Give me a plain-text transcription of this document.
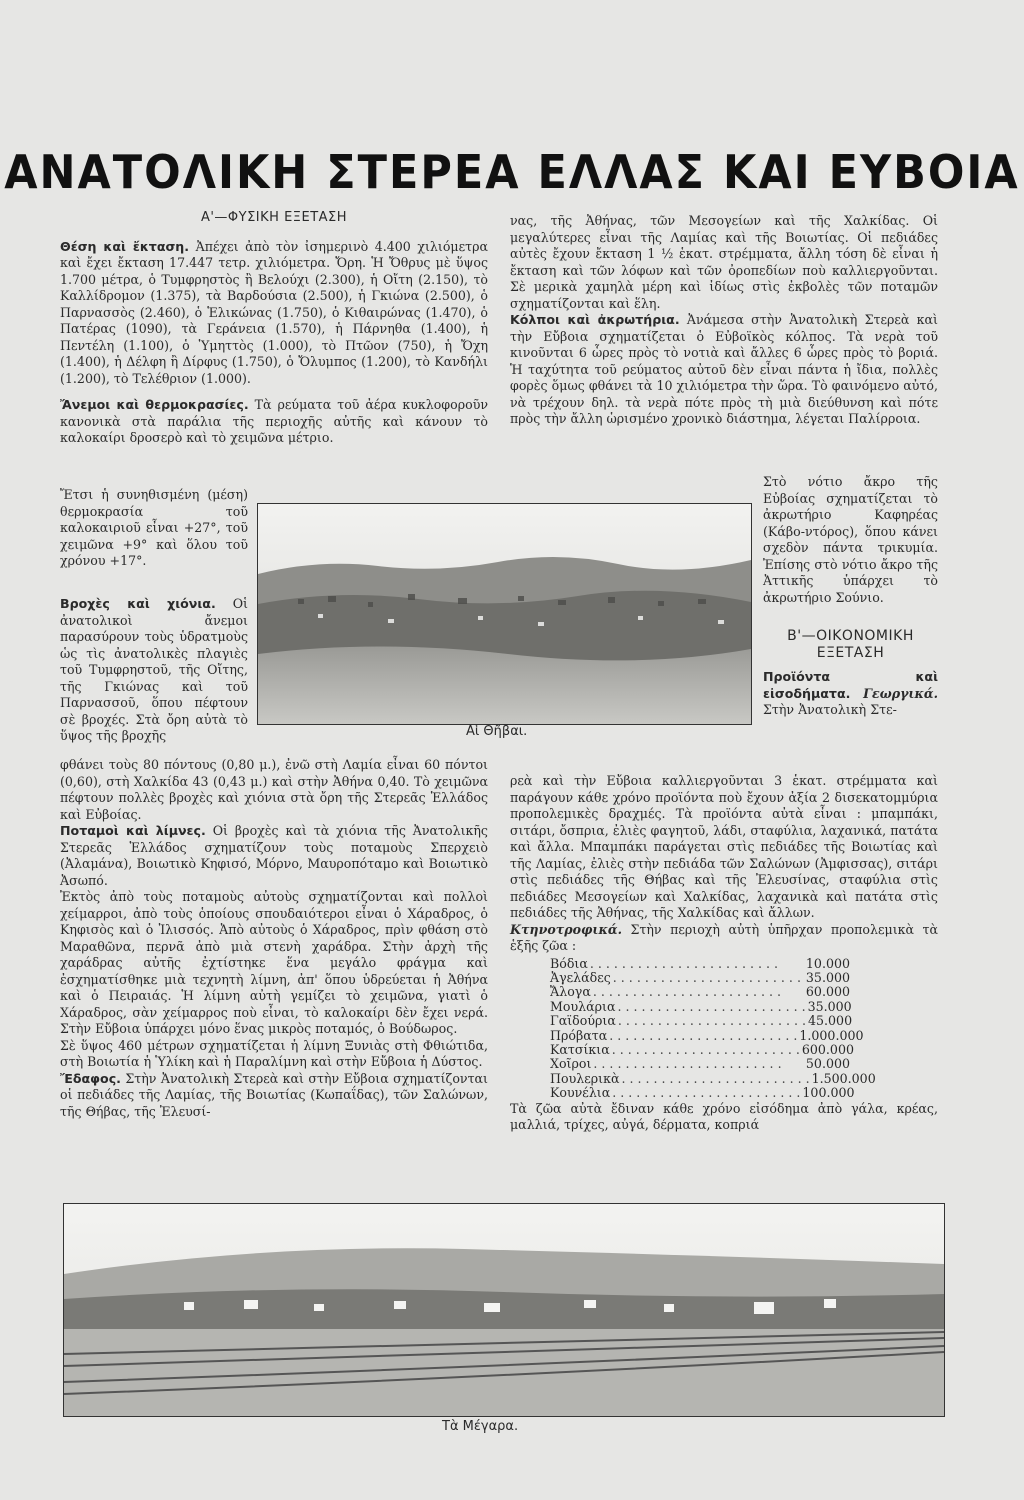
ΑΝΑΤΟΛΙΚΗ ΣΤΕΡΕΑ ΕΛΛΑΣ ΚΑΙ ΕΥΒΟΙΑ
Α'—ΦΥΣΙΚΗ ΕΞΕΤΑΣΗ

Θέση καὶ ἔκταση. Ἀπέχει ἀπὸ τὸν ἰσημερινὸ 4.400 χιλιόμετρα καὶ ἔχει ἔκταση 17.447 τετρ. χιλιόμετρα. Ὄρη. Ἡ Ὄθρυς μὲ ὕψος 1.700 μέτρα, ὁ Τυμφρηστὸς ἢ Βελούχι (2.300), ἡ Οἴτη (2.150), τὸ Καλλίδρομον (1.375), τὰ Βαρδούσια (2.500), ἡ Γκιώνα (2.500), ὁ Παρνασσὸς (2.460), ὁ Ἑλικώνας (1.750), ὁ Κιθαιρώνας (1.470), ὁ Πατέρας (1090), τὰ Γεράνεια (1.570), ἡ Πάρνηθα (1.400), ἡ Πεντέλη (1.100), ὁ Ὑμηττὸς (1.000), τὸ Πτῶον (750), ἡ Ὄχη (1.400), ἡ Δέλφη ἢ Δίρφυς (1.750), ὁ Ὄλυμπος (1.200), τὸ Κανδήλι (1.200), τὸ Τελέθριον (1.000).

Ἄνεμοι καὶ θερμοκρασίες. Τὰ ρεύματα τοῦ ἀέρα κυκλοφοροῦν κανονικὰ στὰ παράλια τῆς περιοχῆς αὐτῆς καὶ κάνουν τὸ καλοκαίρι δροσερὸ καὶ τὸ χειμῶνα μέτριο.

Ἔτσι ἡ συνηθισμένη (μέση) θερμοκρασία τοῦ καλοκαιριοῦ εἶναι +27°, τοῦ χειμῶνα +9° καὶ ὅλου τοῦ χρόνου +17°.

Βροχὲς καὶ χιόνια. Οἱ ἀνατολικοὶ ἄνεμοι παρασύρουν τοὺς ὑδρατμοὺς ὡς τὶς ἀνατολικὲς πλαγιὲς τοῦ Τυμφρηστοῦ, τῆς Οἴτης, τῆς Γκιώνας καὶ τοῦ Παρνασσοῦ, ὅπου πέφτουν σὲ βροχές. Στὰ ὄρη αὐτὰ τὸ ὕψος τῆς βροχῆς

φθάνει τοὺς 80 πόντους (0,80 μ.), ἐνῶ στὴ Λαμία εἶναι 60 πόντοι (0,60), στὴ Χαλκίδα 43 (0,43 μ.) καὶ στὴν Ἀθήνα 0,40. Τὸ χειμῶνα πέφτουν πολλὲς βροχὲς καὶ χιόνια στὰ ὄρη τῆς Στερεᾶς Ἑλλάδος καὶ Εὐβοίας.

Ποταμοὶ καὶ λίμνες. Οἱ βροχὲς καὶ τὰ χιόνια τῆς Ἀνατολικῆς Στερεᾶς Ἑλλάδος σχηματίζουν τοὺς ποταμοὺς Σπερχειὸ (Ἀλαμάνα), Βοιωτικὸ Κηφισό, Μόρνο, Μαυροπόταμο καὶ Βοιωτικὸ Ἀσωπό.

Ἐκτὸς ἀπὸ τοὺς ποταμοὺς αὐτοὺς σχηματίζονται καὶ πολλοὶ χείμαρροι, ἀπὸ τοὺς ὁποίους σπουδαιότεροι εἶναι ὁ Χάραδρος, ὁ Κηφισὸς καὶ ὁ Ἰλισσός. Ἀπὸ αὐτοὺς ὁ Χάραδρος, πρὶν φθάση στὸ Μαραθῶνα, περνᾶ ἀπὸ μιὰ στενὴ χαράδρα. Στὴν ἀρχὴ τῆς χαράδρας αὐτῆς ἐχτίστηκε ἕνα μεγάλο φράγμα καὶ ἐσχηματίσθηκε μιὰ τεχνητὴ λίμνη, ἀπ' ὅπου ὑδρεύεται ἡ Ἀθήνα καὶ ὁ Πειραιάς. Ἡ λίμνη αὐτὴ γεμίζει τὸ χειμῶνα, γιατὶ ὁ Χάραδρος, σὰν χείμαρρος ποὺ εἶναι, τὸ καλοκαίρι δὲν ἔχει νερά. Στὴν Εὔβοια ὑπάρχει μόνο ἕνας μικρὸς ποταμός, ὁ Βούδωρος.

Σὲ ὕψος 460 μέτρων σχηματίζεται ἡ λίμνη Ξυνιὰς στὴ Φθιώτιδα, στὴ Βοιωτία ἡ Ὑλίκη καὶ ἡ Παραλίμνη καὶ στὴν Εὔβοια ἡ Δύστος.

Ἔδαφος. Στὴν Ἀνατολικὴ Στερεὰ καὶ στὴν Εὔβοια σχηματίζονται οἱ πεδιάδες τῆς Λαμίας, τῆς Βοιωτίας (Κωπαΐδας), τῶν Σαλώνων, τῆς Θήβας, τῆς Ἐλευσί-

Αἱ Θῆβαι.

νας, τῆς Ἀθήνας, τῶν Μεσογείων καὶ τῆς Χαλκίδας. Οἱ μεγαλύτερες εἶναι τῆς Λαμίας καὶ τῆς Βοιωτίας. Οἱ πεδιάδες αὐτὲς ἔχουν ἔκταση 1 ½ ἑκατ. στρέμματα, ἄλλη τόση δὲ εἶναι ἡ ἔκταση καὶ τῶν λόφων καὶ τῶν ὀροπεδίων ποὺ καλλιεργοῦνται. Σὲ μερικὰ χαμηλὰ μέρη καὶ ἰδίως στὶς ἐκβολὲς τῶν ποταμῶν σχηματίζονται καὶ ἕλη.

Κόλποι καὶ ἀκρωτήρια. Ἀνάμεσα στὴν Ἀνατολικὴ Στερεὰ καὶ τὴν Εὔβοια σχηματίζεται ὁ Εὐβοϊκὸς κόλπος. Τὰ νερὰ τοῦ κινοῦνται 6 ὧρες πρὸς τὸ νοτιὰ καὶ ἄλλες 6 ὧρες πρὸς τὸ βοριά. Ἡ ταχύτητα τοῦ ρεύματος αὐτοῦ δὲν εἶναι πάντα ἡ ἴδια, πολλὲς φορὲς ὅμως φθάνει τὰ 10 χιλιόμετρα τὴν ὥρα. Τὸ φαινόμενο αὐτό, νὰ τρέχουν δηλ. τὰ νερὰ πότε πρὸς τὴ μιὰ διεύθυνση καὶ πότε πρὸς τὴν ἄλλη ὡρισμένο χρονικὸ διάστημα, λέγεται Παλίρροια.

Στὸ νότιο ἄκρο τῆς Εὐβοίας σχηματίζεται τὸ ἀκρωτήριο Καφηρέας (Κάβο-ντόρος), ὅπου κάνει σχεδὸν πάντα τρικυμία. Ἐπίσης στὸ νότιο ἄκρο τῆς Ἀττικῆς ὑπάρχει τὸ ἀκρωτήριο Σούνιο.

Β'—ΟΙΚΟΝΟΜΙΚΗ
ΕΞΕΤΑΣΗ

Προϊόντα καὶ εἰσοδήματα. Γεωργικά. Στὴν Ἀνατολικὴ Στε-

ρεὰ καὶ τὴν Εὔβοια καλλιεργοῦνται 3 ἑκατ. στρέμματα καὶ παράγουν κάθε χρόνο προϊόντα ποὺ ἔχουν ἀξία 2 δισεκατομμύρια προπολεμικὲς δραχμές. Τὰ προϊόντα αὐτὰ εἶναι : μπαμπάκι, σιτάρι, ὄσπρια, ἐλιὲς φαγητοῦ, λάδι, σταφύλια, λαχανικά, πατάτα καὶ ἄλλα. Μπαμπάκι παράγεται στὶς πεδιάδες τῆς Βοιωτίας καὶ τῆς Λαμίας, ἐλιὲς στὴν πεδιάδα τῶν Σαλώνων (Ἀμφισσας), σιτάρι στὶς πεδιάδες τῆς Θήβας καὶ τῆς Ἐλευσίνας, σταφύλια στὶς πεδιάδες Μεσογείων καὶ Χαλκίδας, λαχανικὰ καὶ πατάτα στὶς πεδιάδες τῆς Ἀθήνας, τῆς Χαλκίδας καὶ ἄλλων.

Κτηνοτροφικά. Στὴν περιοχὴ αὐτὴ ὑπῆρχαν προπολεμικὰ τὰ ἑξῆς ζῶα :

Βόδια . . . . . . . . . . . . . . . . . . . . . . . .	10.000
Ἀγελάδες . . . . . . . . . . . . . . . . . . . . . . . . 35.000
Ἄλογα . . . . . . . . . . . . . . . . . . . . . . . .	60.000
Μουλάρια . . . . . . . . . . . . . . . . . . . . . . . . 35.000
Γαϊδούρια . . . . . . . . . . . . . . . . . . . . . . . . 45.000
Πρόβατα . . . . . . . . . . . . . . . . . . . . . . . . 1.000.000
Κατσίκια . . . . . . . . . . . . . . . . . . . . . . . . 600.000
Χοῖροι . . . . . . . . . . . . . . . . . . . . . . . .	50.000
Πουλερικὰ . . . . . . . . . . . . . . . . . . . . . . . . 1.500.000
Κουνέλια . . . . . . . . . . . . . . . . . . . . . . . . 100.000

Τὰ ζῶα αὐτὰ ἔδιναν κάθε χρόνο εἰσόδημα ἀπὸ γάλα, κρέας, μαλλιά, τρίχες, αὐγά, δέρματα, κοπριά

Τὰ Μέγαρα.
